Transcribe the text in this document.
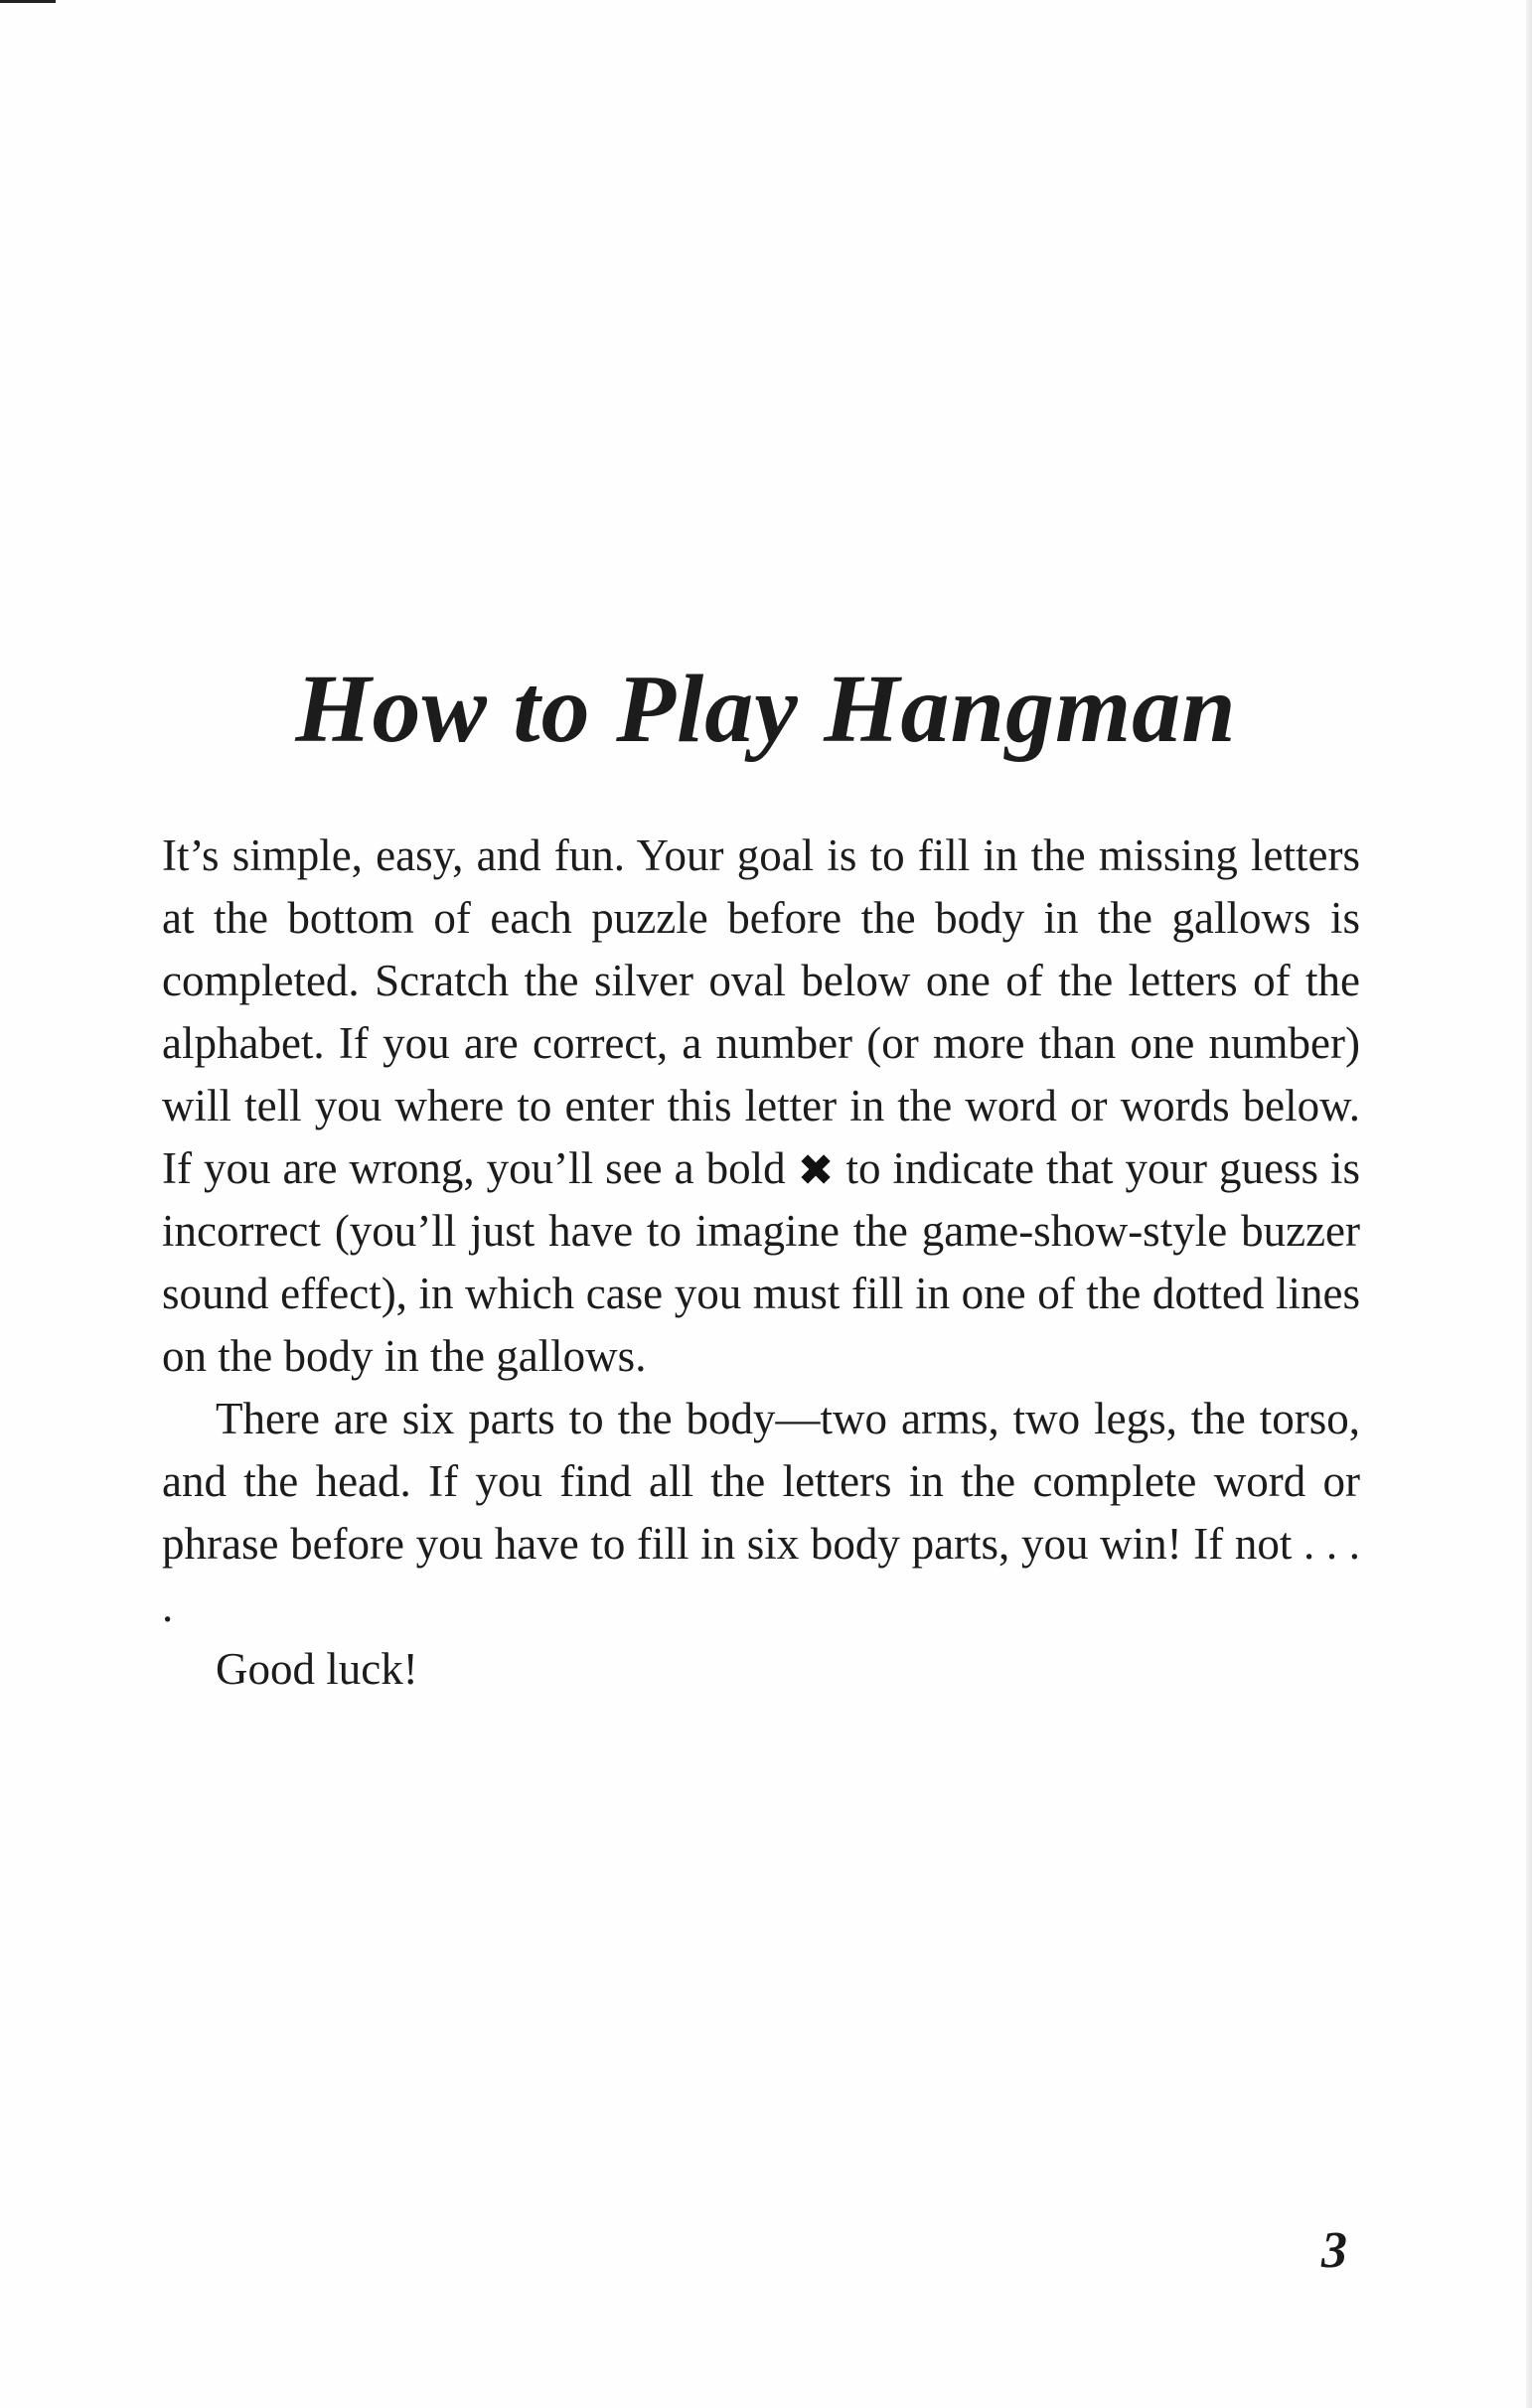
How to Play Hangman

It’s simple, easy, and fun. Your goal is to fill in the missing letters at the bottom of each puzzle before the body in the gallows is completed. Scratch the silver oval below one of the letters of the alphabet. If you are correct, a number (or more than one number) will tell you where to enter this letter in the word or words below. If you are wrong, you’ll see a bold ✖ to indicate that your guess is incorrect (you’ll just have to imagine the game-show-style buzzer sound effect), in which case you must fill in one of the dotted lines on the body in the gallows.

There are six parts to the body—two arms, two legs, the torso, and the head. If you find all the letters in the complete word or phrase before you have to fill in six body parts, you win! If not . . . .

Good luck!

3
